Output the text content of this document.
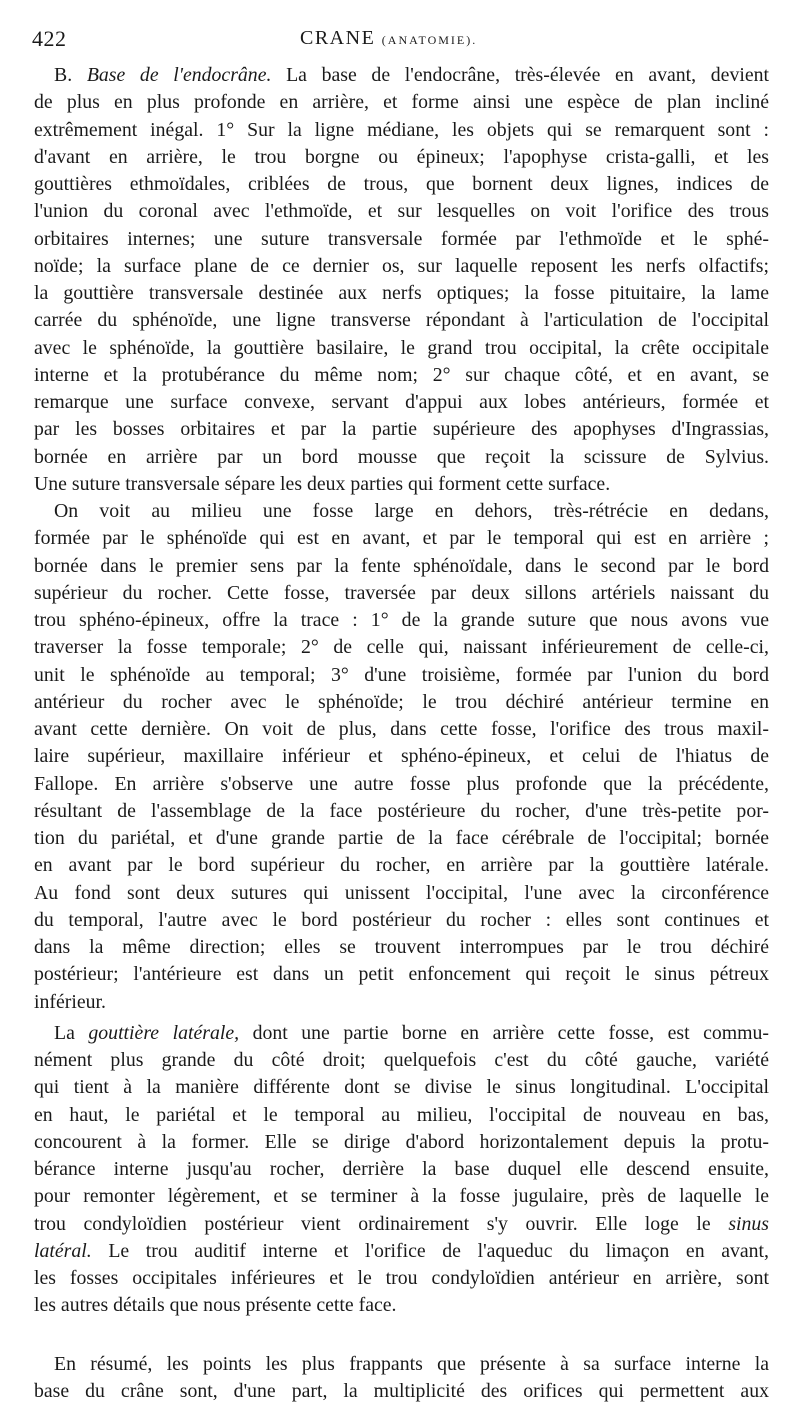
422	CRANE (ANATOMIE).
B. Base de l'endocrâne. La base de l'endocrâne, très-élevée en avant, devient
de plus en plus profonde en arrière, et forme ainsi une espèce de plan incliné
extrêmement inégal. 1° Sur la ligne médiane, les objets qui se remarquent sont :
d'avant en arrière, le trou borgne ou épineux; l'apophyse crista-galli, et les
gouttières ethmoïdales, criblées de trous, que bornent deux lignes, indices de
l'union du coronal avec l'ethmoïde, et sur lesquelles on voit l'orifice des trous
orbitaires internes; une suture transversale formée par l'ethmoïde et le sphé-
noïde; la surface plane de ce dernier os, sur laquelle reposent les nerfs olfactifs;
la gouttière transversale destinée aux nerfs optiques; la fosse pituitaire, la lame
carrée du sphénoïde, une ligne transverse répondant à l'articulation de l'occipital
avec le sphénoïde, la gouttière basilaire, le grand trou occipital, la crête occipitale
interne et la protubérance du même nom; 2° sur chaque côté, et en avant, se
remarque une surface convexe, servant d'appui aux lobes antérieurs, formée et
par les bosses orbitaires et par la partie supérieure des apophyses d'Ingrassias,
bornée en arrière par un bord mousse que reçoit la scissure de Sylvius.
Une suture transversale sépare les deux parties qui forment cette surface.
On voit au milieu une fosse large en dehors, très-rétrécie en dedans,
formée par le sphénoïde qui est en avant, et par le temporal qui est en arrière ;
bornée dans le premier sens par la fente sphénoïdale, dans le second par le bord
supérieur du rocher. Cette fosse, traversée par deux sillons artériels naissant du
trou sphéno-épineux, offre la trace : 1° de la grande suture que nous avons vue
traverser la fosse temporale; 2° de celle qui, naissant inférieurement de celle-ci,
unit le sphénoïde au temporal; 3° d'une troisième, formée par l'union du bord
antérieur du rocher avec le sphénoïde; le trou déchiré antérieur termine en
avant cette dernière. On voit de plus, dans cette fosse, l'orifice des trous maxil-
laire supérieur, maxillaire inférieur et sphéno-épineux, et celui de l'hiatus de
Fallope. En arrière s'observe une autre fosse plus profonde que la précédente,
résultant de l'assemblage de la face postérieure du rocher, d'une très-petite por-
tion du pariétal, et d'une grande partie de la face cérébrale de l'occipital; bornée
en avant par le bord supérieur du rocher, en arrière par la gouttière latérale.
Au fond sont deux sutures qui unissent l'occipital, l'une avec la circonférence
du temporal, l'autre avec le bord postérieur du rocher : elles sont continues et
dans la même direction; elles se trouvent interrompues par le trou déchiré
postérieur; l'antérieure est dans un petit enfoncement qui reçoit le sinus pétreux
inférieur.
La gouttière latérale, dont une partie borne en arrière cette fosse, est commu-
nément plus grande du côté droit; quelquefois c'est du côté gauche, variété
qui tient à la manière différente dont se divise le sinus longitudinal. L'occipital
en haut, le pariétal et le temporal au milieu, l'occipital de nouveau en bas,
concourent à la former. Elle se dirige d'abord horizontalement depuis la protu-
bérance interne jusqu'au rocher, derrière la base duquel elle descend ensuite,
pour remonter légèrement, et se terminer à la fosse jugulaire, près de laquelle le
trou condyloïdien postérieur vient ordinairement s'y ouvrir. Elle loge le sinus
latéral. Le trou auditif interne et l'orifice de l'aqueduc du limaçon en avant,
les fosses occipitales inférieures et le trou condyloïdien antérieur en arrière, sont
les autres détails que nous présente cette face.
En résumé, les points les plus frappants que présente à sa surface interne la
base du crâne sont, d'une part, la multiplicité des orifices qui permettent aux
